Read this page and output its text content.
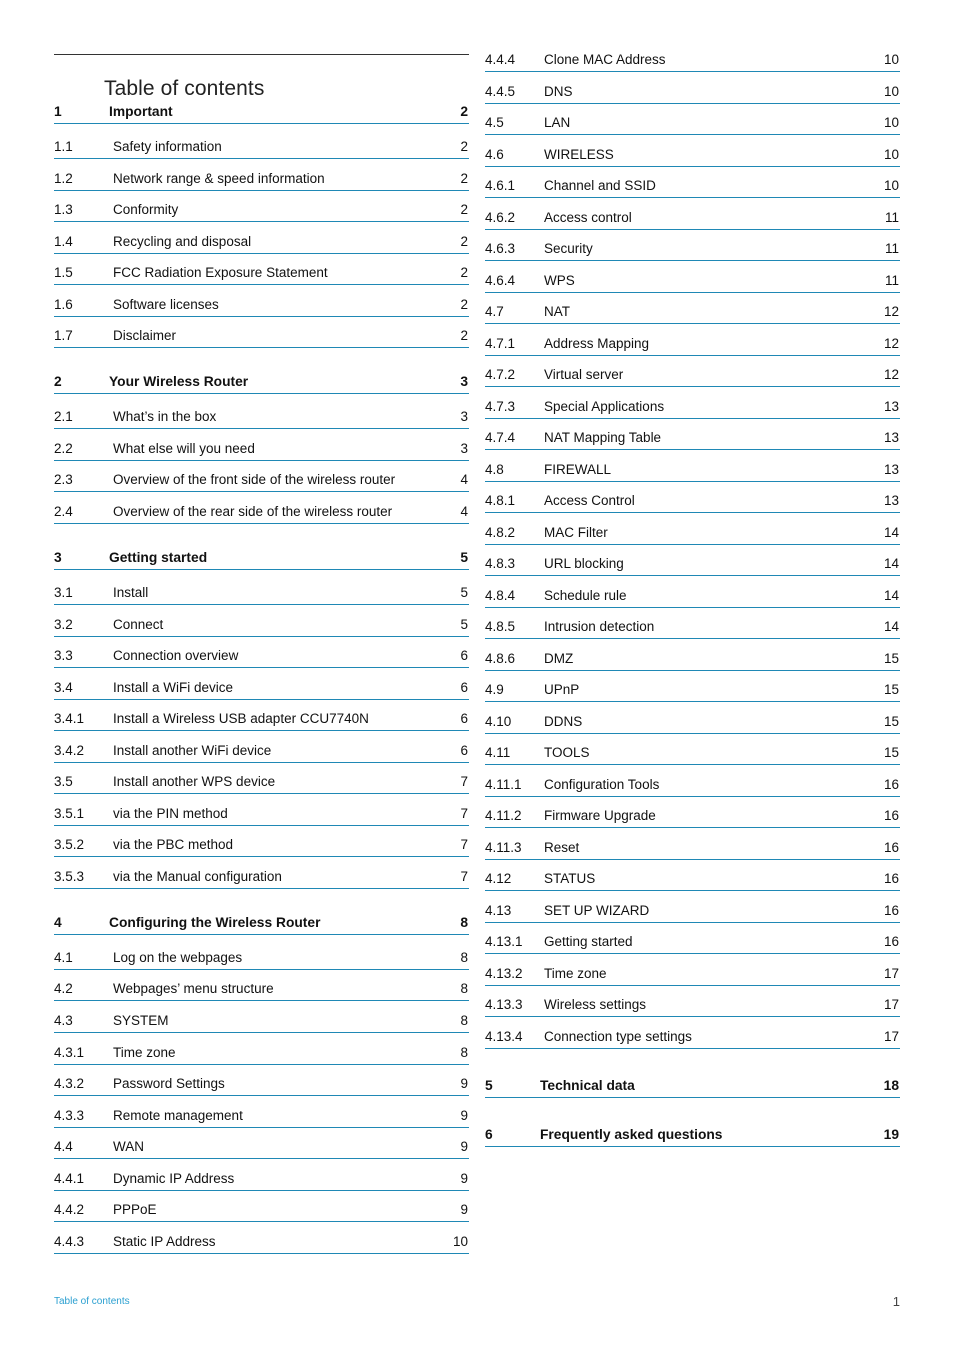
Table of contents
1	Important	2
1.1	Safety information	2
1.2	Network range & speed information	2
1.3	Conformity	2
1.4	Recycling and disposal	2
1.5	FCC Radiation Exposure Statement	2
1.6	Software licenses	2
1.7	Disclaimer	2
2	Your Wireless Router	3
2.1	What’s in the box	3
2.2	What else will you need	3
2.3	Overview of the front side of the wireless router	4
2.4	Overview of the rear side of the wireless router	4
3	Getting started	5
3.1	Install	5
3.2	Connect	5
3.3	Connection overview	6
3.4	Install a WiFi device	6
3.4.1 Install a Wireless USB adapter CCU7740N	6
3.4.2 Install another WiFi device	6
3.5	Install another WPS device	7
3.5.1 via the PIN method	7
3.5.2 via the PBC method	7
3.5.3 via the Manual configuration	7
4	Configuring the Wireless Router	8
4.1	Log on the webpages	8
4.2	Webpages’ menu structure	8
4.3	SYSTEM	8
4.3.1 Time zone	8
4.3.2 Password Settings	9
4.3.3 Remote management	9
4.4	WAN	9
4.4.1 Dynamic IP Address	9
4.4.2 PPPoE	9
4.4.3 Static IP Address	10
4.4.4 Clone MAC Address	10
4.4.5 DNS	10
4.5	LAN	10
4.6	WIRELESS	10
4.6.1 Channel and SSID	10
4.6.2 Access control	11
4.6.3 Security	11
4.6.4 WPS	11
4.7	NAT	12
4.7.1 Address Mapping	12
4.7.2 Virtual server	12
4.7.3 Special Applications	13
4.7.4 NAT Mapping Table	13
4.8	FIREWALL	13
4.8.1 Access Control	13
4.8.2 MAC Filter	14
4.8.3 URL blocking	14
4.8.4 Schedule rule	14
4.8.5 Intrusion detection	14
4.8.6 DMZ	15
4.9	UPnP	15
4.10 DDNS	15
4.11 TOOLS	15
4.11.1 Configuration Tools	16
4.11.2 Firmware Upgrade	16
4.11.3 Reset	16
4.12 STATUS	16
4.13 SET UP WIZARD	16
4.13.1 Getting started	16
4.13.2 Time zone	17
4.13.3 Wireless settings	17
4.13.4 Connection type settings	17
5	Technical data	18
6	Frequently asked questions	19
Table of contents	1
